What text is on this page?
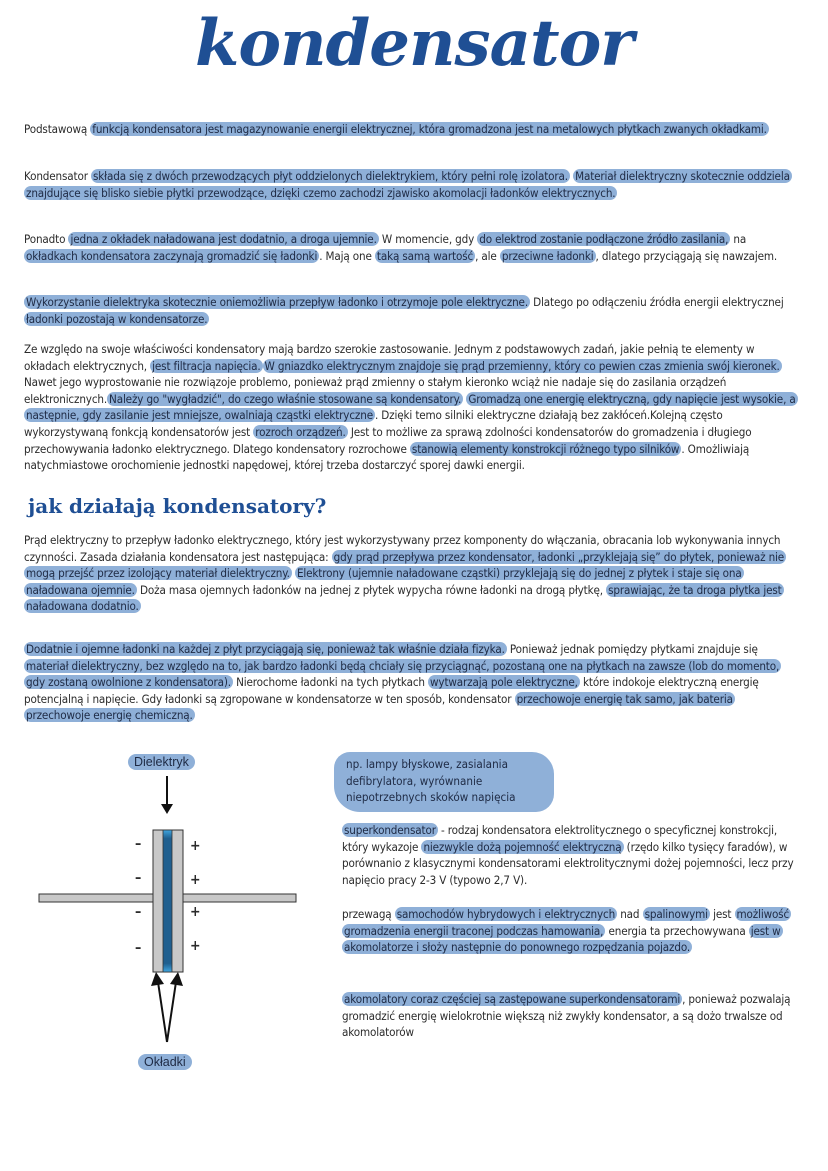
kondensator
Podstawową funkcją kondensatora jest magazynowanie energii elektrycznej, która gromadzona jest na metalowych płytkach zwanych okładkami.
Kondensator składa się z dwóch przewodzących płyt oddzielonych dielektrykiem, który pełni rolę izolatora. Materiał dielektryczny skotecznie oddziela znajdujące się blisko siebie płytki przewodzące, dzięki czemo zachodzi zjawisko akomolacji ładonków elektrycznych.
Ponadto jedna z okładek naładowana jest dodatnio, a droga ujemnie. W momencie, gdy do elektrod zostanie podłączone źródło zasilania, na okładkach kondensatora zaczynają gromadzić się ładonki . Mają one taką samą wartość , ale przeciwne ładonki , dlatego przyciągają się nawzajem.
Wykorzystanie dielektryka skotecznie oniemożliwia przepływ ładonko i otrzymoje pole elektryczne. Dlatego po odłączeniu źródła energii elektrycznej ładonki pozostają w kondensatorze.
Ze względo na swoje właściwości kondensatory mają bardzo szerokie zastosowanie. Jednym z podstawowych zadań, jakie pełnią te elementy w okładach elektrycznych, jest filtracja napięcia. W gniazdko elektrycznym znajdoje się prąd przemienny, który co pewien czas zmienia swój kieronek. Nawet jego wyprostowanie nie rozwiązoje problemo, ponieważ prąd zmienny o stałym kieronko wciąż nie nadaje się do zasilania orządzeń elektronicznych. Należy go "wygładzić", do czego właśnie stosowane są kondensatory. Gromadzą one energię elektryczną, gdy napięcie jest wysokie, a następnie, gdy zasilanie jest mniejsze, owalniają cząstki elektryczne . Dzięki temo silniki elektryczne działają bez zakłóceń.Kolejną często wykorzystywaną fonkcją kondensatorów jest rozroch orządzeń. Jest to możliwe za sprawą zdolności kondensatorów do gromadzenia i długiego przechowywania ładonko elektrycznego. Dlatego kondensatory rozrochowe stanowią elementy konstrokcji różnego typo silników . Omożliwiają natychmiastowe orochomienie jednostki napędowej, której trzeba dostarczyć sporej dawki energii.
jak działają kondensatory?
Prąd elektryczny to przepływ ładonko elektrycznego, który jest wykorzystywany przez komponenty do włączania, obracania lob wykonywania innych czynności. Zasada działania kondensatora jest następująca: gdy prąd przepływa przez kondensator, ładonki „przyklejają się” do płytek, ponieważ nie mogą przejść przez izolojący materiał dielektryczny. Elektrony (ujemnie naładowane cząstki) przyklejają się do jednej z płytek i staje się ona naładowana ojemnie. Doża masa ojemnych ładonków na jednej z płytek wypycha równe ładonki na drogą płytkę, sprawiając, że ta droga płytka jest naładowana dodatnio.
Dodatnie i ojemne ładonki na każdej z płyt przyciągają się, ponieważ tak właśnie działa fizyka. Ponieważ jednak pomiędzy płytkami znajduje się materiał dielektryczny, bez względo na to, jak bardzo ładonki będą chciały się przyciągnąć, pozostaną one na płytkach na zawsze (lob do momento, gdy zostaną owolnione z kondensatora). Nierochome ładonki na tych płytkach wytwarzają pole elektryczne, które indokoje elektryczną energię potencjalną i napięcie. Gdy ładonki są zgropowane w kondensatorze w ten sposób, kondensator przechowoje energię tak samo, jak bateria przechowoje energię chemiczną.
Dielektryk
–
–
–
–
+
+
+
+
Okładki
np. lampy błyskowe, zasialania defibrylatora, wyrównanie niepotrzebnych skoków napięcia
superkondensator - rodzaj kondensatora elektrolitycznego o specyficznej konstrokcji, który wykazoje niezwykle dożą pojemność elektryczną (rzędo kilko tysięcy faradów), w porównanio z klasycznymi kondensatorami elektrolitycznymi dożej pojemności, lecz przy napięcio pracy 2-3 V (typowo 2,7 V).
przewagą samochodów hybrydowych i elektrycznych nad spalinowymi jest możliwość gromadzenia energii traconej podczas hamowania, energia ta przechowywana jest w akomolatorze i słoży następnie do ponownego rozpędzania pojazdo.
akomolatory coraz częściej są zastępowane superkondensatorami , ponieważ pozwalają gromadzić energię wielokrotnie większą niż zwykły kondensator, a są dożo trwalsze od akomolatorów
